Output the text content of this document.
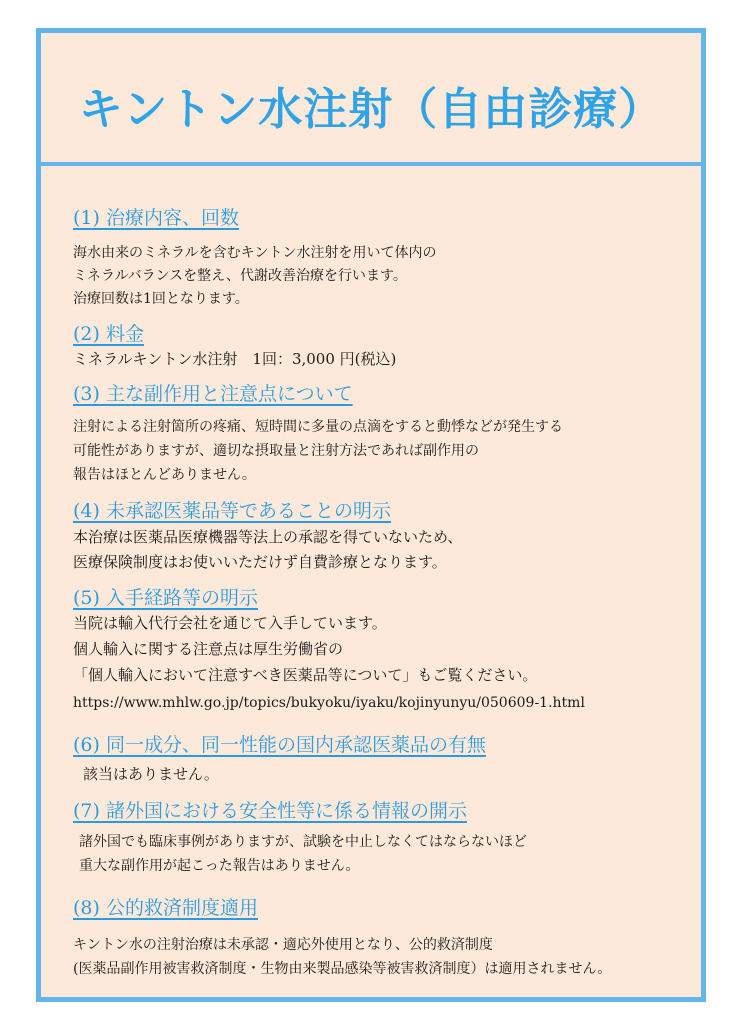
キントン水注射（自由診療）
(1) 治療内容、回数
海水由来のミネラルを含むキントン水注射を用いて体内の
ミネラルバランスを整え、代謝改善治療を行います。
治療回数は1回となります。
(2) 料金
ミネラルキントン水注射　1回：3,000 円(税込)
(3) 主な副作用と注意点について
注射による注射箇所の疼痛、短時間に多量の点滴をすると動悸などが発生する
可能性がありますが、適切な摂取量と注射方法であれば副作用の
報告はほとんどありません。
(4) 未承認医薬品等であることの明示
本治療は医薬品医療機器等法上の承認を得ていないため、
医療保険制度はお使いいただけず自費診療となります。
(5) 入手経路等の明示
当院は輸入代行会社を通じて入手しています。
個人輸入に関する注意点は厚生労働省の
「個人輸入において注意すべき医薬品等について」もご覧ください。
https://www.mhlw.go.jp/topics/bukyoku/iyaku/kojinyunyu/050609-1.html
(6) 同一成分、同一性能の国内承認医薬品の有無
該当はありません。
(7) 諸外国における安全性等に係る情報の開示
諸外国でも臨床事例がありますが、試験を中止しなくてはならないほど
重大な副作用が起こった報告はありません。
(8) 公的救済制度適用
キントン水の注射治療は未承認・適応外使用となり、公的救済制度
(医薬品副作用被害救済制度・生物由来製品感染等被害救済制度）は適用されません。
